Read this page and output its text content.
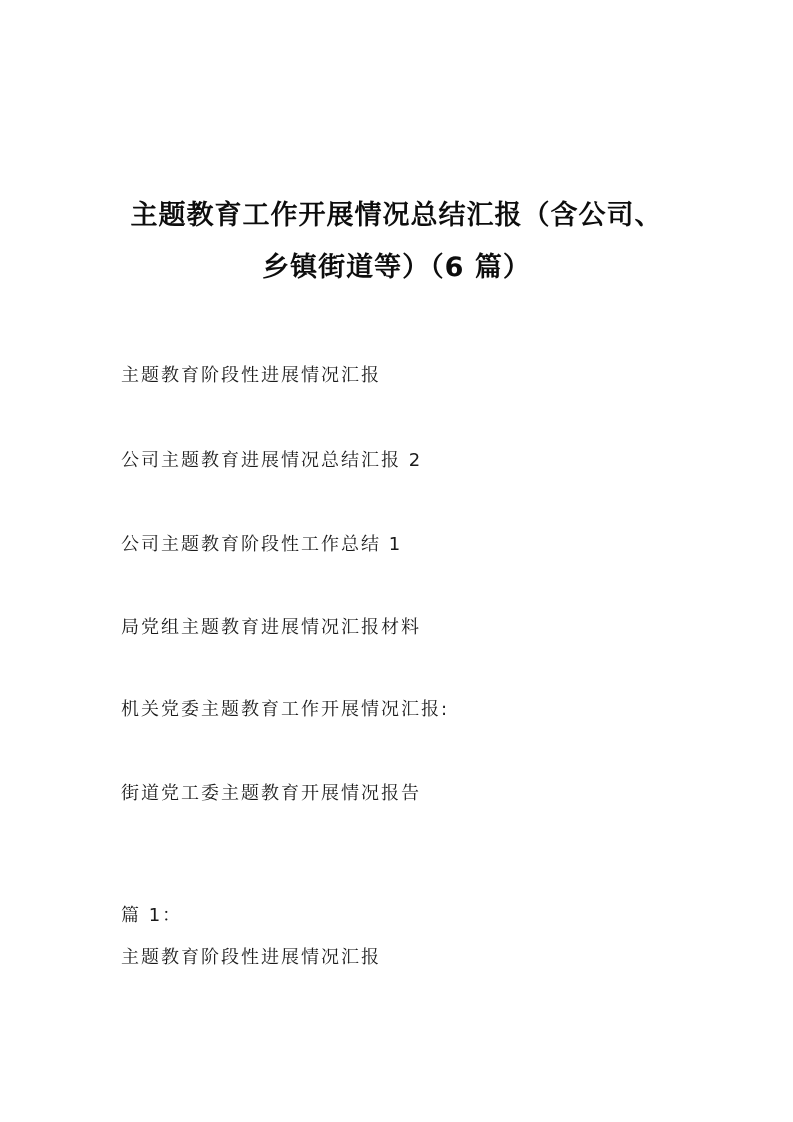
主题教育工作开展情况总结汇报（含公司、
乡镇街道等）（6 篇）
主题教育阶段性进展情况汇报
公司主题教育进展情况总结汇报 2
公司主题教育阶段性工作总结 1
局党组主题教育进展情况汇报材料
机关党委主题教育工作开展情况汇报:
街道党工委主题教育开展情况报告
篇 1：
主题教育阶段性进展情况汇报
